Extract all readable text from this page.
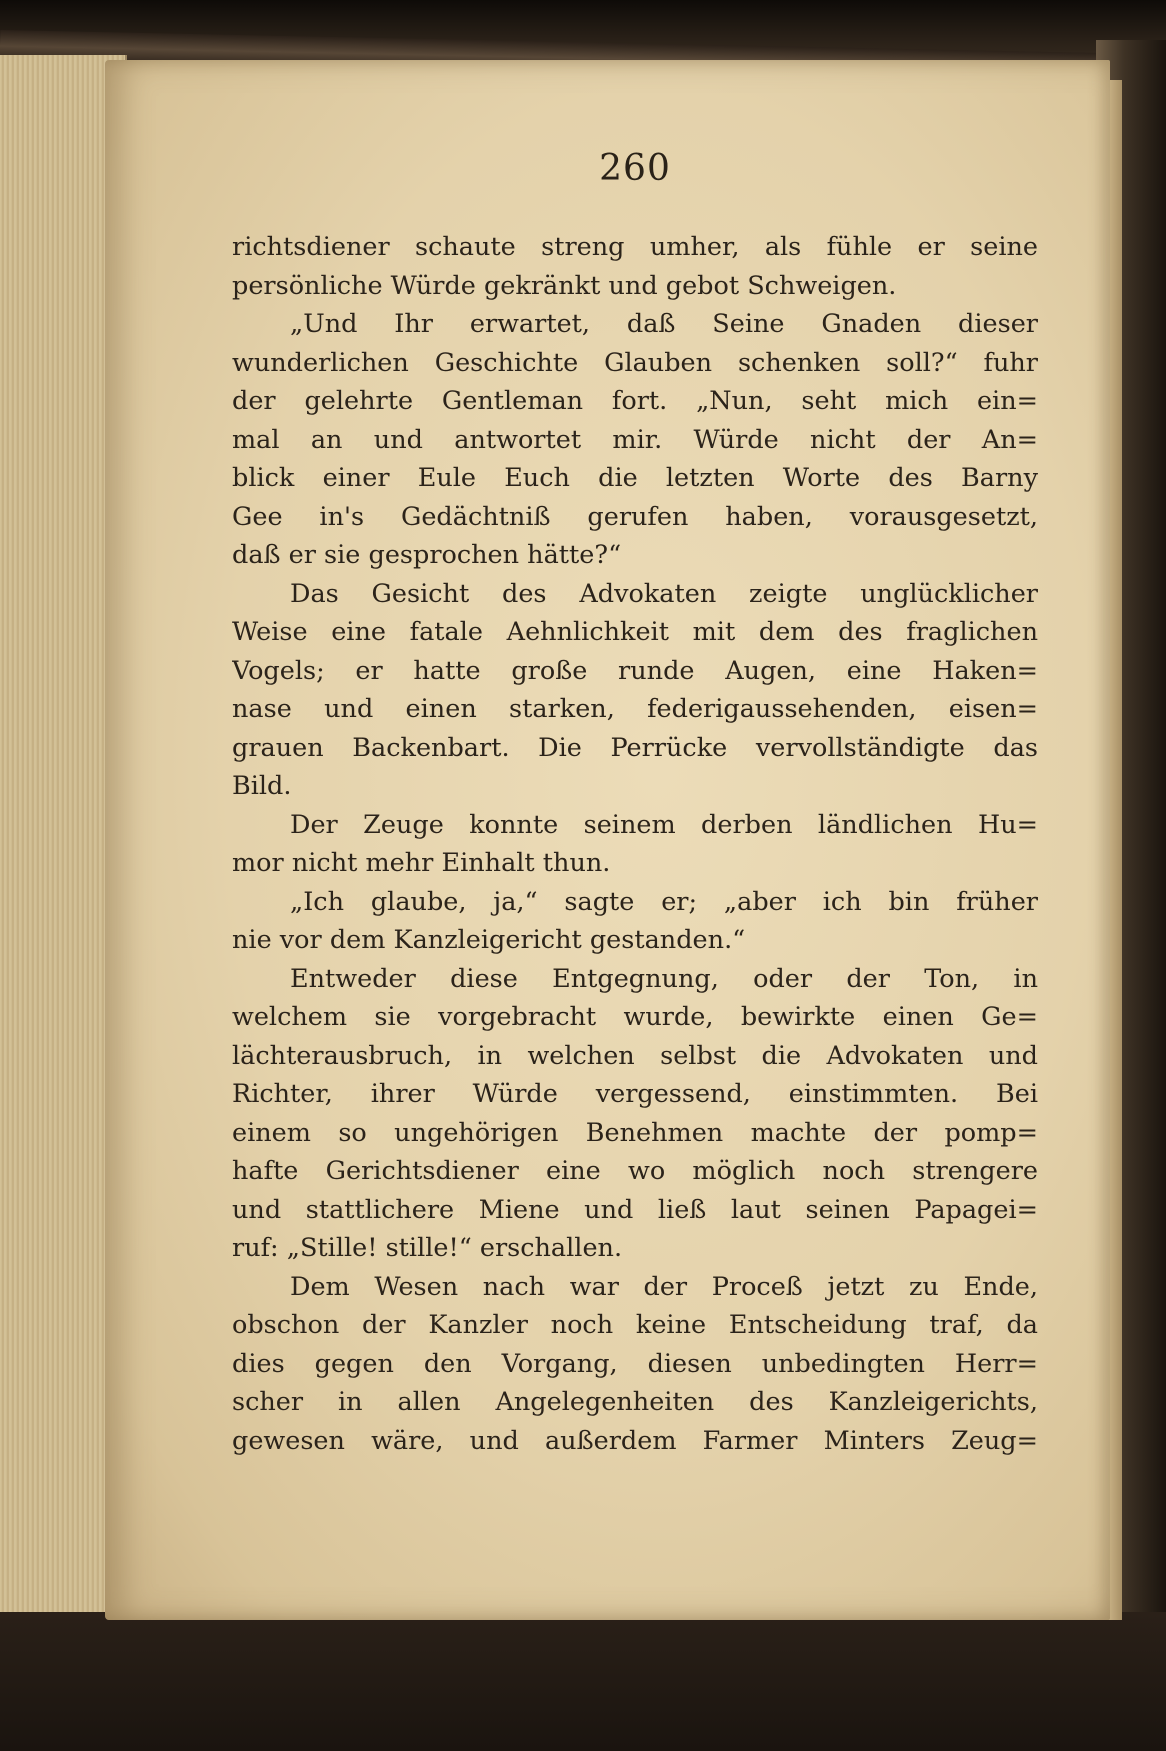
260
richtsdiener schaute streng umher, als fühle er seine
persönliche Würde gekränkt und gebot Schweigen.
„Und Ihr erwartet, daß Seine Gnaden dieser
wunderlichen Geschichte Glauben schenken soll?“ fuhr
der gelehrte Gentleman fort. „Nun, seht mich ein=
mal an und antwortet mir. Würde nicht der An=
blick einer Eule Euch die letzten Worte des Barny
Gee in's Gedächtniß gerufen haben, vorausgesetzt,
daß er sie gesprochen hätte?“
Das Gesicht des Advokaten zeigte unglücklicher
Weise eine fatale Aehnlichkeit mit dem des fraglichen
Vogels; er hatte große runde Augen, eine Haken=
nase und einen starken, federigaussehenden, eisen=
grauen Backenbart. Die Perrücke vervollständigte das
Bild.
Der Zeuge konnte seinem derben ländlichen Hu=
mor nicht mehr Einhalt thun.
„Ich glaube, ja,“ sagte er; „aber ich bin früher
nie vor dem Kanzleigericht gestanden.“
Entweder diese Entgegnung, oder der Ton, in
welchem sie vorgebracht wurde, bewirkte einen Ge=
lächterausbruch, in welchen selbst die Advokaten und
Richter, ihrer Würde vergessend, einstimmten. Bei
einem so ungehörigen Benehmen machte der pomp=
hafte Gerichtsdiener eine wo möglich noch strengere
und stattlichere Miene und ließ laut seinen Papagei=
ruf: „Stille! stille!“ erschallen.
Dem Wesen nach war der Proceß jetzt zu Ende,
obschon der Kanzler noch keine Entscheidung traf, da
dies gegen den Vorgang, diesen unbedingten Herr=
scher in allen Angelegenheiten des Kanzleigerichts,
gewesen wäre, und außerdem Farmer Minters Zeug=
